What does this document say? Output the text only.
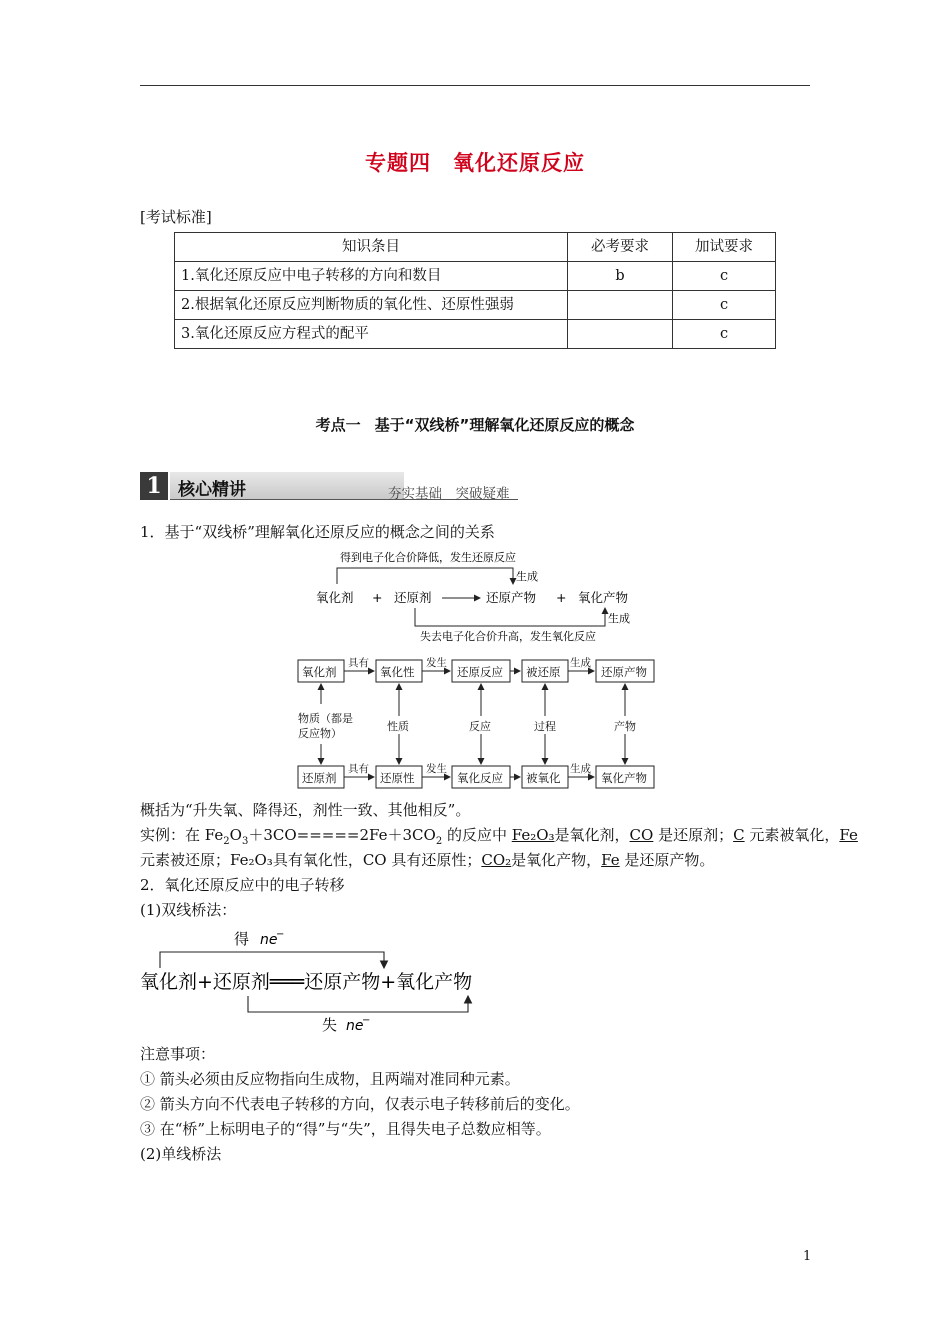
专题四 氧化还原反应
[考试标准]
知识条目	必考要求	加试要求
1.氧化还原反应中电子转移的方向和数目	b	c
2.根据氧化还原反应判断物质的氧化性、还原性强弱		c
3.氧化还原反应方程式的配平		c
考点一 基于“双线桥”理解氧化还原反应的概念
1 核心精讲	夯实基础　突破疑难
1．基于“双线桥”理解氧化还原反应的概念之间的关系
得到电子化合价降低，发生还原反应
生成
氧化剂 + 还原剂	还原产物 + 氧化产物
生成
失去电子化合价升高，发生氧化反应
氧化剂	氧化性	还原反应 被还原	还原产物
还原剂	还原性	氧化反应 被氧化	氧化产物
具有	发生	生成
具有	发生	生成
物质（都是
反应物）
性质	反应	过程	产物
概括为“升失氧、降得还，剂性一致、其他相反”。
实例：在 $Fe_2O_3+3CO=====2Fe+3CO_2$ 的反应中 Fe₂O₃是氧化剂，CO 是还原剂；C 元素被氧化，Fe
元素被还原；Fe₂O₃具有氧化性，CO 具有还原性；CO₂是氧化产物，Fe 是还原产物。
2．氧化还原反应中的电子转移
(1)双线桥法：
得 ne
−
氧化剂+还原剂═══还原产物+氧化产物
失 ne
−
注意事项：
① 箭头必须由反应物指向生成物，且两端对准同种元素。
② 箭头方向不代表电子转移的方向，仅表示电子转移前后的变化。
③ 在“桥”上标明电子的“得”与“失”，且得失电子总数应相等。
(2)单线桥法
1
